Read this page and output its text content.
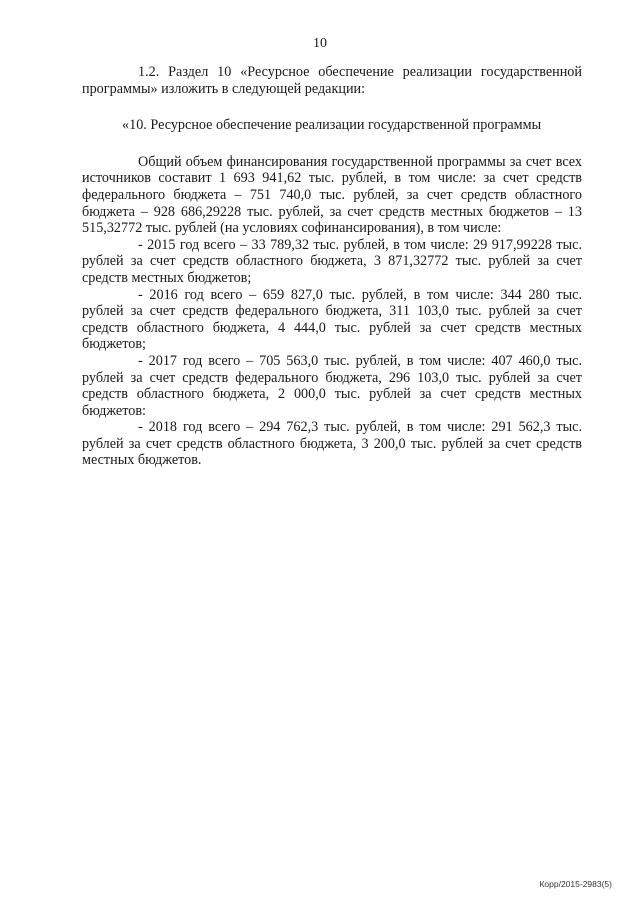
10

1.2. Раздел 10 «Ресурсное обеспечение реализации государственной программы» изложить в следующей редакции:

«10. Ресурсное обеспечение реализации государственной программы

Общий объем финансирования государственной программы за счет всех источников составит 1 693 941,62 тыс. рублей, в том числе: за счет средств федерального бюджета – 751 740,0 тыс. рублей, за счет средств областного бюджета – 928 686,29228 тыс. рублей, за счет средств местных бюджетов – 13 515,32772 тыс. рублей (на условиях софинансирования), в том числе:

- 2015 год всего – 33 789,32 тыс. рублей, в том числе: 29 917,99228 тыс. рублей за счет средств областного бюджета, 3 871,32772 тыс. рублей за счет средств местных бюджетов;

- 2016 год всего – 659 827,0 тыс. рублей, в том числе: 344 280 тыс. рублей за счет средств федерального бюджета, 311 103,0 тыс. рублей за счет средств областного бюджета, 4 444,0 тыс. рублей за счет средств местных бюджетов;

- 2017 год всего – 705 563,0 тыс. рублей, в том числе: 407 460,0 тыс. рублей за счет средств федерального бюджета, 296 103,0 тыс. рублей за счет средств областного бюджета, 2 000,0 тыс. рублей за счет средств местных бюджетов:

- 2018 год всего – 294 762,3 тыс. рублей, в том числе: 291 562,3 тыс. рублей за счет средств областного бюджета, 3 200,0 тыс. рублей за счет средств местных бюджетов.

Корр/2015-2983(5)
